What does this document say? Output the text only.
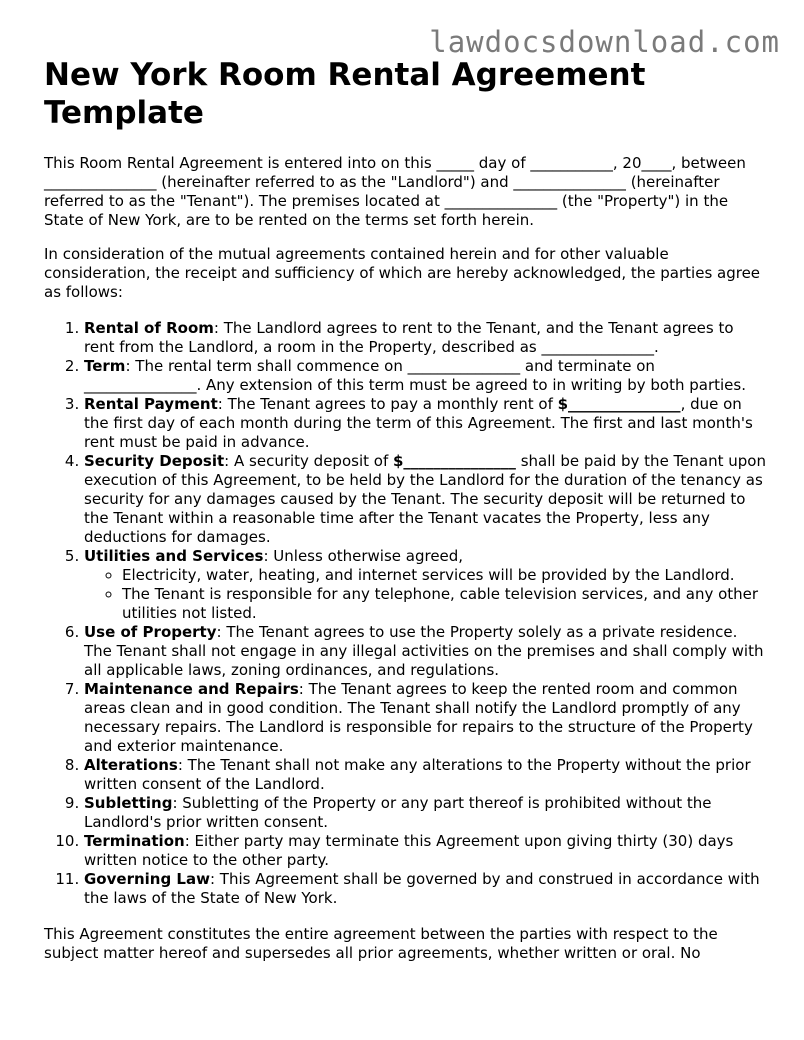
lawdocsdownload.com
New York Room Rental Agreement Template

This Room Rental Agreement is entered into on this _____ day of ___________, 20____, between _______________ (hereinafter referred to as the "Landlord") and _______________ (hereinafter referred to as the "Tenant"). The premises located at _______________ (the "Property") in the State of New York, are to be rented on the terms set forth herein.

In consideration of the mutual agreements contained herein and for other valuable consideration, the receipt and sufficiency of which are hereby acknowledged, the parties agree as follows:

1. Rental of Room: The Landlord agrees to rent to the Tenant, and the Tenant agrees to rent from the Landlord, a room in the Property, described as _______________.
2. Term: The rental term shall commence on _______________ and terminate on _______________. Any extension of this term must be agreed to in writing by both parties.
3. Rental Payment: The Tenant agrees to pay a monthly rent of $_______________, due on the first day of each month during the term of this Agreement. The first and last month's rent must be paid in advance.
4. Security Deposit: A security deposit of $_______________ shall be paid by the Tenant upon execution of this Agreement, to be held by the Landlord for the duration of the tenancy as security for any damages caused by the Tenant. The security deposit will be returned to the Tenant within a reasonable time after the Tenant vacates the Property, less any deductions for damages.
5. Utilities and Services: Unless otherwise agreed,
◦ Electricity, water, heating, and internet services will be provided by the Landlord.
◦ The Tenant is responsible for any telephone, cable television services, and any other utilities not listed.
6. Use of Property: The Tenant agrees to use the Property solely as a private residence. The Tenant shall not engage in any illegal activities on the premises and shall comply with all applicable laws, zoning ordinances, and regulations.
7. Maintenance and Repairs: The Tenant agrees to keep the rented room and common areas clean and in good condition. The Tenant shall notify the Landlord promptly of any necessary repairs. The Landlord is responsible for repairs to the structure of the Property and exterior maintenance.
8. Alterations: The Tenant shall not make any alterations to the Property without the prior written consent of the Landlord.
9. Subletting: Subletting of the Property or any part thereof is prohibited without the Landlord's prior written consent.
10. Termination: Either party may terminate this Agreement upon giving thirty (30) days written notice to the other party.
11. Governing Law: This Agreement shall be governed by and construed in accordance with the laws of the State of New York.

This Agreement constitutes the entire agreement between the parties with respect to the subject matter hereof and supersedes all prior agreements, whether written or oral. No
